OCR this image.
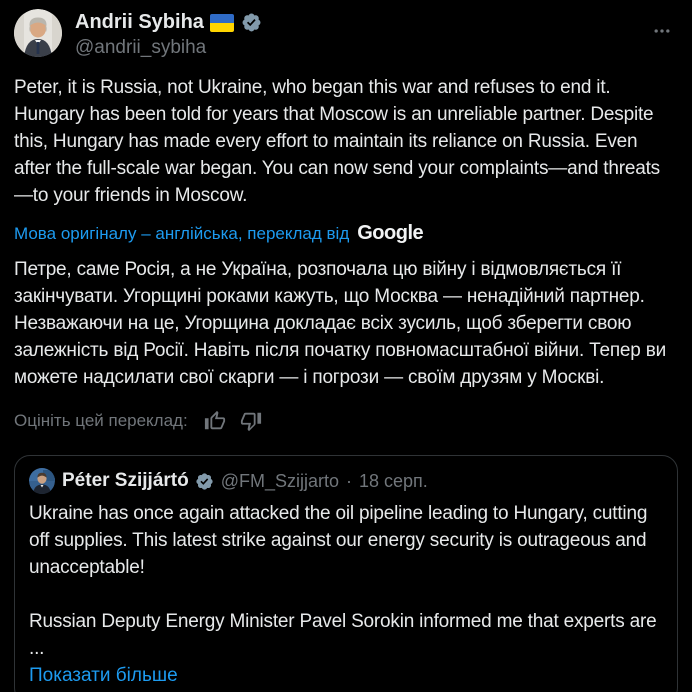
Andrii Sybiha
@andrii_sybiha
Peter, it is Russia, not Ukraine, who began this war and refuses to end it. Hungary has been told for years that Moscow is an unreliable partner. Despite this, Hungary has made every effort to maintain its reliance on Russia. Even after the full-scale war began. You can now send your complaints—and threats—to your friends in Moscow.
Мова оригіналу – англійська, переклад від Google
Петре, саме Росія, а не Україна, розпочала цю війну і відмовляється її закінчувати. Угорщині роками кажуть, що Москва — ненадійний партнер. Незважаючи на це, Угорщина докладає всіх зусиль, щоб зберегти свою залежність від Росії. Навіть після початку повномасштабної війни. Тепер ви можете надсилати свої скарги — і погрози — своїм друзям у Москві.
Оцініть цей переклад:
Péter Szijjártó @FM_Szijjarto · 18 серп.
Ukraine has once again attacked the oil pipeline leading to Hungary, cutting off supplies. This latest strike against our energy security is outrageous and unacceptable!
Russian Deputy Energy Minister Pavel Sorokin informed me that experts are ...
Показати більше
